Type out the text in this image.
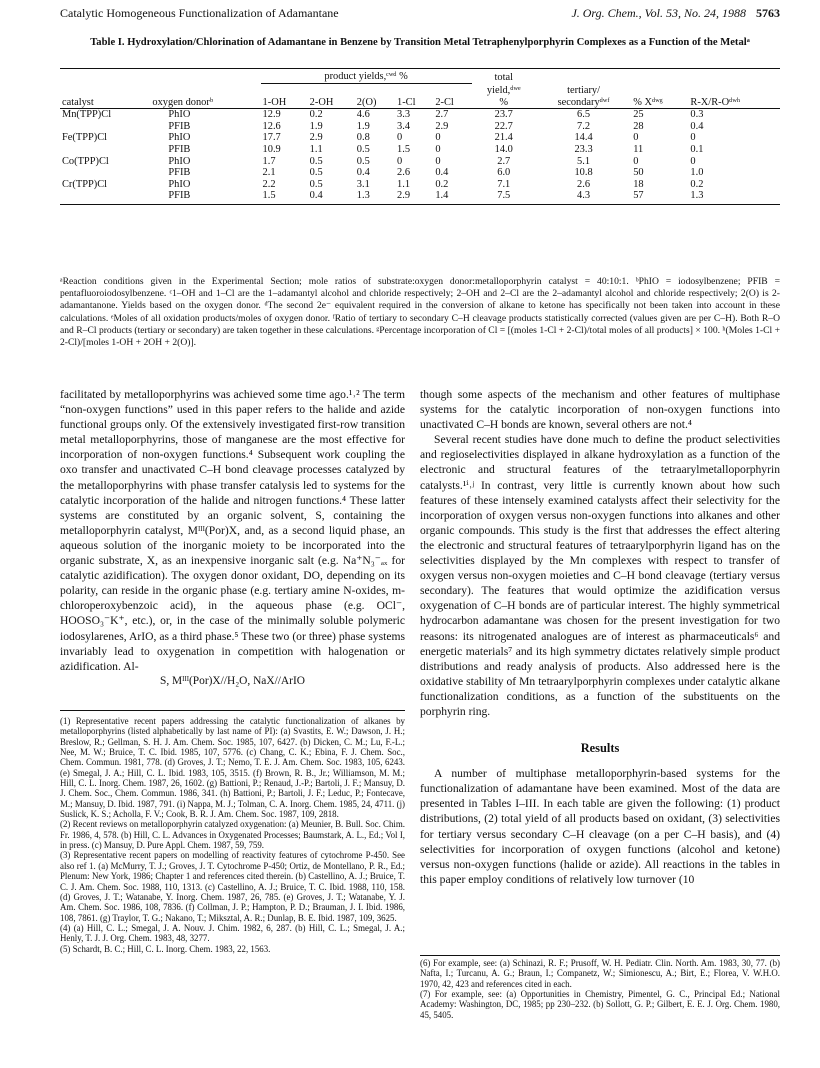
Catalytic Homogeneous Functionalization of Adamantane	J. Org. Chem., Vol. 53, No. 24, 1988 5763
Table I. Hydroxylation/Chlorination of Adamantane in Benzene by Transition Metal Tetraphenylporphyrin Complexes as a Function of the Metalᵃ
		product yields,ᶜʷᵈ %					total			
							yield,ᵈʷᵉ	tertiary/		
catalyst	oxygen donorᵇ	1-OH	2-OH	2(O)	1-Cl	2-Cl	%	secondaryᵈʷᶠ	% Xᵈʷᵍ	R-X/R-Oᵈʷʰ
Mn(TPP)Cl	PhIO	12.9	0.2	4.6	3.3	2.7	23.7	6.5	25	0.3
	PFIB	12.6	1.9	1.9	3.4	2.9	22.7	7.2	28	0.4
Fe(TPP)Cl	PhIO	17.7	2.9	0.8	0	0	21.4	14.4	0	0
	PFIB	10.9	1.1	0.5	1.5	0	14.0	23.3	11	0.1
Co(TPP)Cl	PhIO	1.7	0.5	0.5	0	0	2.7	5.1	0	0
	PFIB	2.1	0.5	0.4	2.6	0.4	6.0	10.8	50	1.0
Cr(TPP)Cl	PhIO	2.2	0.5	3.1	1.1	0.2	7.1	2.6	18	0.2
	PFIB	1.5	0.4	1.3	2.9	1.4	7.5	4.3	57	1.3
ᵃReaction conditions given in the Experimental Section; mole ratios of substrate:oxygen donor:metalloporphyrin catalyst = 40:10:1. ᵇPhIO = iodosylbenzene; PFIB = pentafluoroiodosylbenzene. ᶜ1–OH and 1–Cl are the 1–adamantyl alcohol and chloride respectively; 2–OH and 2–Cl are the 2–adamantyl alcohol and chloride respectively; 2(O) is 2-adamantanone. Yields based on the oxygen donor. ᵈThe second 2e⁻ equivalent required in the conversion of alkane to ketone has specifically not been taken into account in these calculations. ᵉMoles of all oxidation products/moles of oxygen donor. ᶠRatio of tertiary to secondary C–H cleavage products statistically corrected (values given are per C–H). Both R–O and R–Cl products (tertiary or secondary) are taken together in these calculations. ᵍPercentage incorporation of Cl = [(moles 1-Cl + 2-Cl)/total moles of all products] × 100. ʰ(Moles 1-Cl + 2-Cl)/[moles 1-OH + 2OH + 2(O)].

facilitated by metalloporphyrins was achieved some time ago.¹˒² The term “non-oxygen functions” used in this paper refers to the halide and azide functional groups only. Of the extensively investigated first-row transition metal metalloporphyrins, those of manganese are the most effective for incorporation of non-oxygen functions.⁴ Subsequent work coupling the oxo transfer and unactivated C–H bond cleavage processes catalyzed by the metalloporphyrins with phase transfer catalysis led to systems for the catalytic incorporation of the halide and nitrogen functions.⁴ These latter systems are constituted by an organic solvent, S, containing the metalloporphyrin catalyst, Mᴵᴵᴵ(Por)X, and, as a second liquid phase, an aqueous solution of the inorganic moiety to be incorporated into the organic substrate, X, as an inexpensive inorganic salt (e.g. Na⁺N₃⁻ₐₓ for catalytic azidification). The oxygen donor oxidant, DO, depending on its polarity, can reside in the organic phase (e.g. tertiary amine N-oxides, m-chloroperoxybenzoic acid), in the aqueous phase (e.g. OCl⁻, HOOSO₃⁻K⁺, etc.), or, in the case of the minimally soluble polymeric iodosylarenes, ArIO, as a third phase.⁵ These two (or three) phase systems invariably lead to oxygenation in competition with halogenation or azidification. Al-

S, Mᴵᴵᴵ(Por)X//H₂O, NaX//ArIO

(1) Representative recent papers addressing the catalytic functionalization of alkanes by metalloporphyrins (listed alphabetically by last name of PI): (a) Svastits, E. W.; Dawson, J. H.; Breslow, R.; Gellman, S. H. J. Am. Chem. Soc. 1985, 107, 6427. (b) Dicken, C. M.; Lu, F.-L.; Nee, M. W.; Bruice, T. C. Ibid. 1985, 107, 5776. (c) Chang, C. K.; Ebina, F. J. Chem. Soc., Chem. Commun. 1981, 778. (d) Groves, J. T.; Nemo, T. E. J. Am. Chem. Soc. 1983, 105, 6243. (e) Smegal, J. A.; Hill, C. L. Ibid. 1983, 105, 3515. (f) Brown, R. B., Jr.; Williamson, M. M.; Hill, C. L. Inorg. Chem. 1987, 26, 1602. (g) Battioni, P.; Renaud, J.-P.; Bartoli, J. F.; Mansuy, D. J. Chem. Soc., Chem. Commun. 1986, 341. (h) Battioni, P.; Bartoli, J. F.; Leduc, P.; Fontecave, M.; Mansuy, D. Ibid. 1987, 791. (i) Nappa, M. J.; Tolman, C. A. Inorg. Chem. 1985, 24, 4711. (j) Suslick, K. S.; Acholla, F. V.; Cook, B. R. J. Am. Chem. Soc. 1987, 109, 2818.

(2) Recent reviews on metalloporphyrin catalyzed oxygenation: (a) Meunier, B. Bull. Soc. Chim. Fr. 1986, 4, 578. (b) Hill, C. L. Advances in Oxygenated Processes; Baumstark, A. L., Ed.; Vol I, in press. (c) Mansuy, D. Pure Appl. Chem. 1987, 59, 759.

(3) Representative recent papers on modelling of reactivity features of cytochrome P-450. See also ref 1. (a) McMurry, T. J.; Groves, J. T. Cytochrome P-450; Ortiz, de Montellano, P. R., Ed.; Plenum: New York, 1986; Chapter 1 and references cited therein. (b) Castellino, A. J.; Bruice, T. C. J. Am. Chem. Soc. 1988, 110, 1313. (c) Castellino, A. J.; Bruice, T. C. Ibid. 1988, 110, 158. (d) Groves, J. T.; Watanabe, Y. Inorg. Chem. 1987, 26, 785. (e) Groves, J. T.; Watanabe, Y. J. Am. Chem. Soc. 1986, 108, 7836. (f) Collman, J. P.; Hampton, P. D.; Brauman, J. I. Ibid. 1986, 108, 7861. (g) Traylor, T. G.; Nakano, T.; Miksztal, A. R.; Dunlap, B. E. Ibid. 1987, 109, 3625.

(4) (a) Hill, C. L.; Smegal, J. A. Nouv. J. Chim. 1982, 6, 287. (b) Hill, C. L.; Smegal, J. A.; Henly, T. J. J. Org. Chem. 1983, 48, 3277.

(5) Schardt, B. C.; Hill, C. L. Inorg. Chem. 1983, 22, 1563.

though some aspects of the mechanism and other features of multiphase systems for the catalytic incorporation of non-oxygen functions into unactivated C–H bonds are known, several others are not.⁴

Several recent studies have done much to define the product selectivities and regioselectivities displayed in alkane hydroxylation as a function of the electronic and structural features of the tetraarylmetalloporphyrin catalysts.¹ⁱ˒ʲ In contrast, very little is currently known about how such features of these intensely examined catalysts affect their selectivity for the incorporation of oxygen versus non-oxygen functions into alkanes and other organic compounds. This study is the first that addresses the effect altering the electronic and structural features of tetraarylporphyrin ligand has on the selectivities displayed by the Mn complexes with respect to transfer of oxygen versus non-oxygen moieties and C–H bond cleavage (tertiary versus secondary). The features that would optimize the azidification versus oxygenation of C–H bonds are of particular interest. The highly symmetrical hydrocarbon adamantane was chosen for the present investigation for two reasons: its nitrogenated analogues are of interest as pharmaceuticals⁶ and energetic materials⁷ and its high symmetry dictates relatively simple product distributions and ready analysis of products. Also addressed here is the oxidative stability of Mn tetraarylporphyrin complexes under catalytic alkane functionalization conditions, as a function of the substituents on the porphyrin ring.

Results

A number of multiphase metalloporphyrin-based systems for the functionalization of adamantane have been examined. Most of the data are presented in Tables I–III. In each table are given the following: (1) product distributions, (2) total yield of all products based on oxidant, (3) selectivities for tertiary versus secondary C–H cleavage (on a per C–H basis), and (4) selectivities for incorporation of oxygen functions (alcohol and ketone) versus non-oxygen functions (halide or azide). All reactions in the tables in this paper employ conditions of relatively low turnover (10

(6) For example, see: (a) Schinazi, R. F.; Prusoff, W. H. Pediatr. Clin. North. Am. 1983, 30, 77. (b) Nafta, I.; Turcanu, A. G.; Braun, I.; Companetz, W.; Simionescu, A.; Birt, E.; Florea, V. W.H.O. 1970, 42, 423 and references cited in each.

(7) For example, see: (a) Opportunities in Chemistry, Pimentel, G. C., Principal Ed.; National Academy: Washington, DC, 1985; pp 230–232. (b) Sollott, G. P.; Gilbert, E. E. J. Org. Chem. 1980, 45, 5405.
